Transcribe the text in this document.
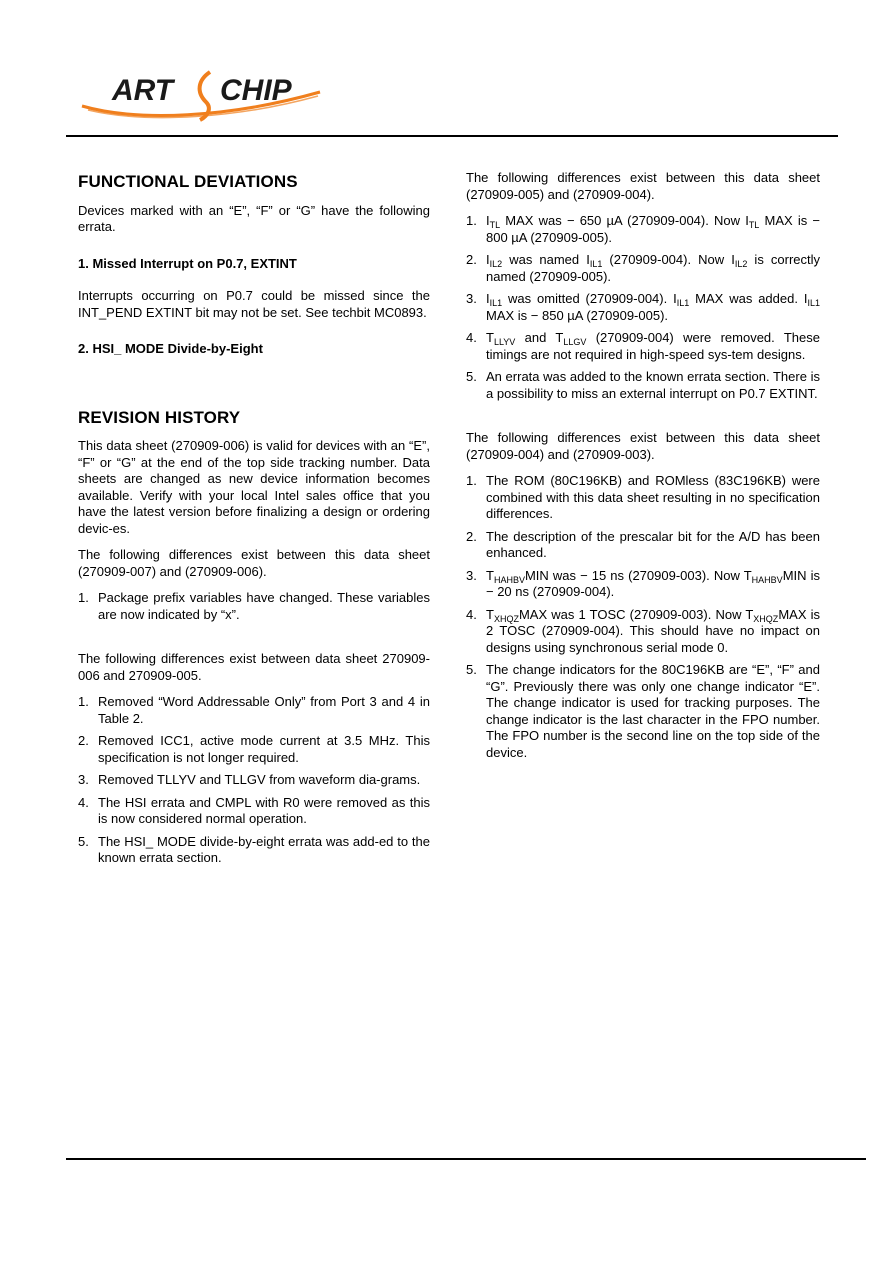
ART CHIP
FUNCTIONAL DEVIATIONS

Devices marked with an “E”, “F” or “G” have the following errata.

1. Missed Interrupt on P0.7, EXTINT

Interrupts occurring on P0.7 could be missed since the INT_PEND EXTINT bit may not be set. See techbit MC0893.

2. HSI_ MODE Divide-by-Eight
REVISION HISTORY

This data sheet (270909-006) is valid for devices with an “E”, “F” or “G” at the end of the top side tracking number. Data sheets are changed as new device information becomes available. Verify with your local Intel sales office that you have the latest version before finalizing a design or ordering devic-es.

The following differences exist between this data sheet (270909-007) and (270909-006).

1. Package prefix variables have changed. These variables are now indicated by “x”.

The following differences exist between data sheet 270909-006 and 270909-005.

1. Removed “Word Addressable Only” from Port 3 and 4 in Table 2.
2. Removed ICC1, active mode current at 3.5 MHz. This specification is not longer required.
3. Removed TLLYV and TLLGV from waveform dia-grams.
4. The HSI errata and CMPL with R0 were removed as this is now considered normal operation.
5. The HSI_ MODE divide-by-eight errata was add-ed to the known errata section.

The following differences exist between this data sheet (270909-005) and (270909-004).

1. $I_{TL}$ MAX was − 650 µA (270909-004). Now $I_{TL}$ MAX is − 800 µA (270909-005).
2. $I_{IL2}$ was named $I_{IL1}$ (270909-004). Now $I_{IL2}$ is correctly named (270909-005).
3. $I_{IL1}$ was omitted (270909-004). $I_{IL1}$ MAX was added. $I_{IL1}$ MAX is − 850 µA (270909-005).
4. $T_{LLYV}$ and $T_{LLGV}$ (270909-004) were removed. These timings are not required in high-speed sys-tem designs.
5. An errata was added to the known errata section. There is a possibility to miss an external interrupt on P0.7 EXTINT.

The following differences exist between this data sheet (270909-004) and (270909-003).

1. The ROM (80C196KB) and ROMless (83C196KB) were combined with this data sheet resulting in no specification differences.
2. The description of the prescalar bit for the A/D has been enhanced.
3. $T_{HAHBV}MIN$ was − 15 ns (270909-003). Now $T_{HAHBV}MIN$ is − 20 ns (270909-004).
4. $T_{XHQZ}MAX$ was 1 TOSC (270909-003). Now $T_{XHQZ}MAX$ is 2 TOSC (270909-004). This should have no impact on designs using synchronous serial mode 0.
5. The change indicators for the 80C196KB are “E”, “F” and “G”. Previously there was only one change indicator “E”. The change indicator is used for tracking purposes. The change indicator is the last character in the FPO number. The FPO number is the second line on the top side of the device.
